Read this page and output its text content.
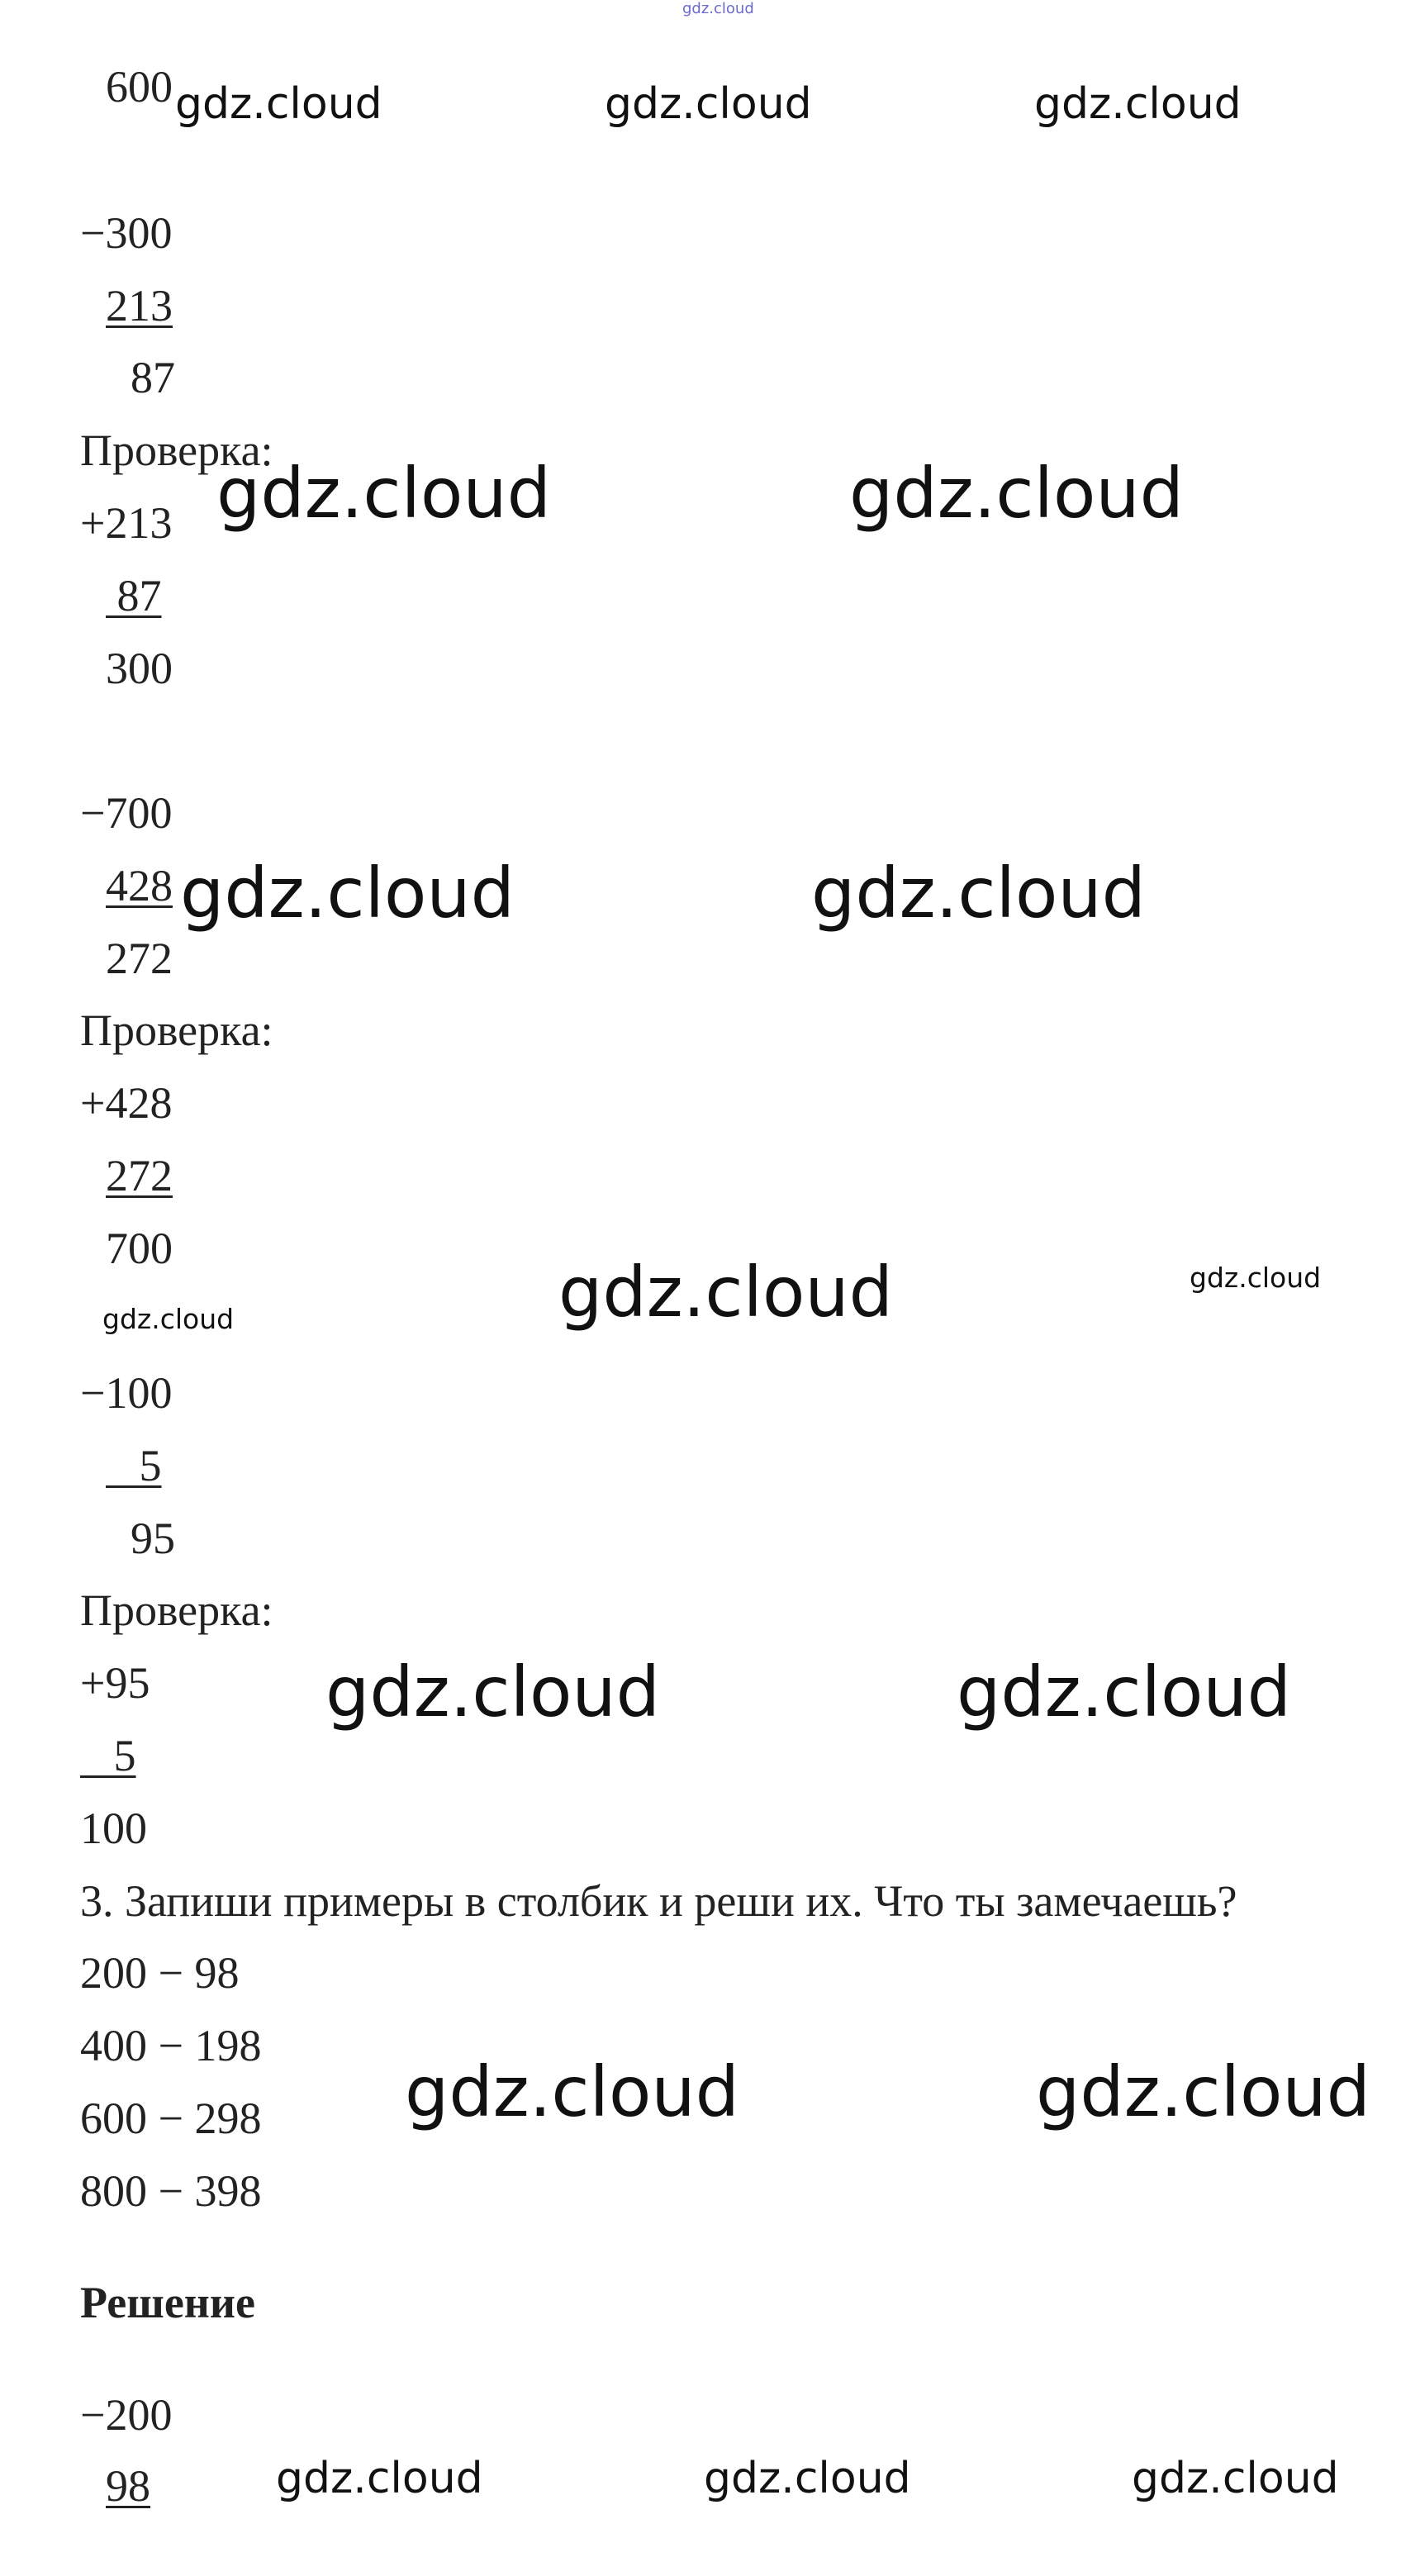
gdz.cloud
600
−300
213
87
Проверка:
+213
87
300
−700
428
272
Проверка:
+428
272
700
−100
5
95
Проверка:
+95
5
100
3. Запиши примеры в столбик и реши их. Что ты замечаешь?
200 − 98
400 − 198
600 − 298
800 − 398
Решение
−200
98
gdz.cloud	gdz.cloud	gdz.cloud
gdz.cloud	gdz.cloud
gdz.cloud	gdz.cloud
gdz.cloud	gdz.cloud
gdz.cloud
gdz.cloud	gdz.cloud
gdz.cloud	gdz.cloud
gdz.cloud	gdz.cloud	gdz.cloud
